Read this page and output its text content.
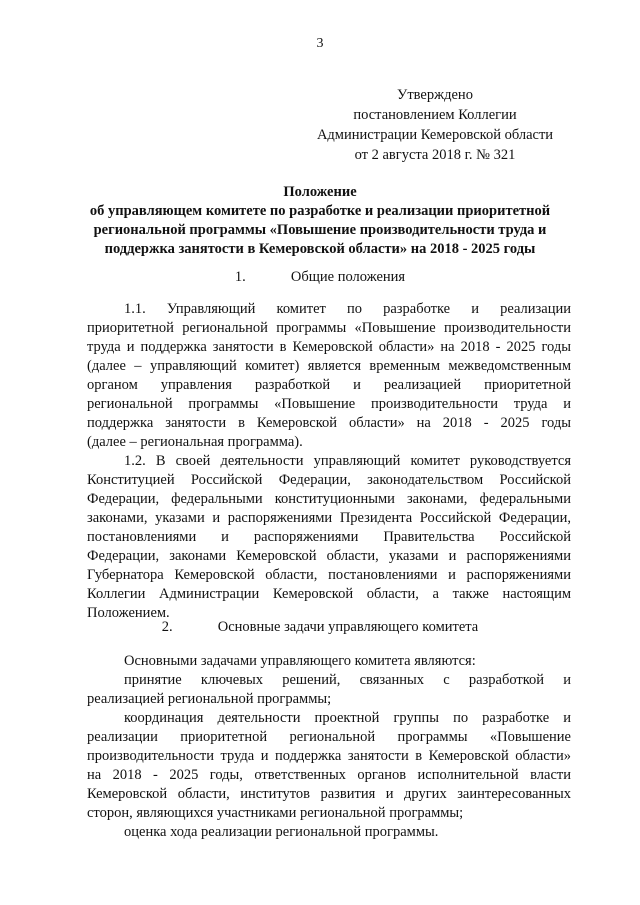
3
Утверждено
постановлением Коллегии
Администрации Кемеровской области
от 2 августа 2018 г. № 321
Положение
об управляющем комитете по разработке и реализации приоритетной
региональной программы «Повышение производительности труда и
поддержка занятости в Кемеровской области» на 2018 - 2025 годы
1.	Общие положения
1.1. Управляющий комитет по разработке и реализации
приоритетной региональной программы «Повышение производительности
труда и поддержка занятости в Кемеровской области» на 2018 - 2025 годы
(далее – управляющий комитет) является временным межведомственным
органом управления разработкой и реализацией приоритетной
региональной программы «Повышение производительности труда и
поддержка занятости в Кемеровской области» на 2018 - 2025 годы
(далее – региональная программа).
1.2. В своей деятельности управляющий комитет руководствуется
Конституцией Российской Федерации, законодательством Российской
Федерации, федеральными конституционными законами, федеральными
законами, указами и распоряжениями Президента Российской Федерации,
постановлениями и распоряжениями Правительства Российской
Федерации, законами Кемеровской области, указами и распоряжениями
Губернатора Кемеровской области, постановлениями и распоряжениями
Коллегии Администрации Кемеровской области, а также настоящим
Положением.
2.	Основные задачи управляющего комитета
Основными задачами управляющего комитета являются:
принятие ключевых решений, связанных с разработкой и
реализацией региональной программы;
координация деятельности проектной группы по разработке и
реализации приоритетной региональной программы «Повышение
производительности труда и поддержка занятости в Кемеровской области»
на 2018 - 2025 годы, ответственных органов исполнительной власти
Кемеровской области, институтов развития и других заинтересованных
сторон, являющихся участниками региональной программы;
оценка хода реализации региональной программы.
